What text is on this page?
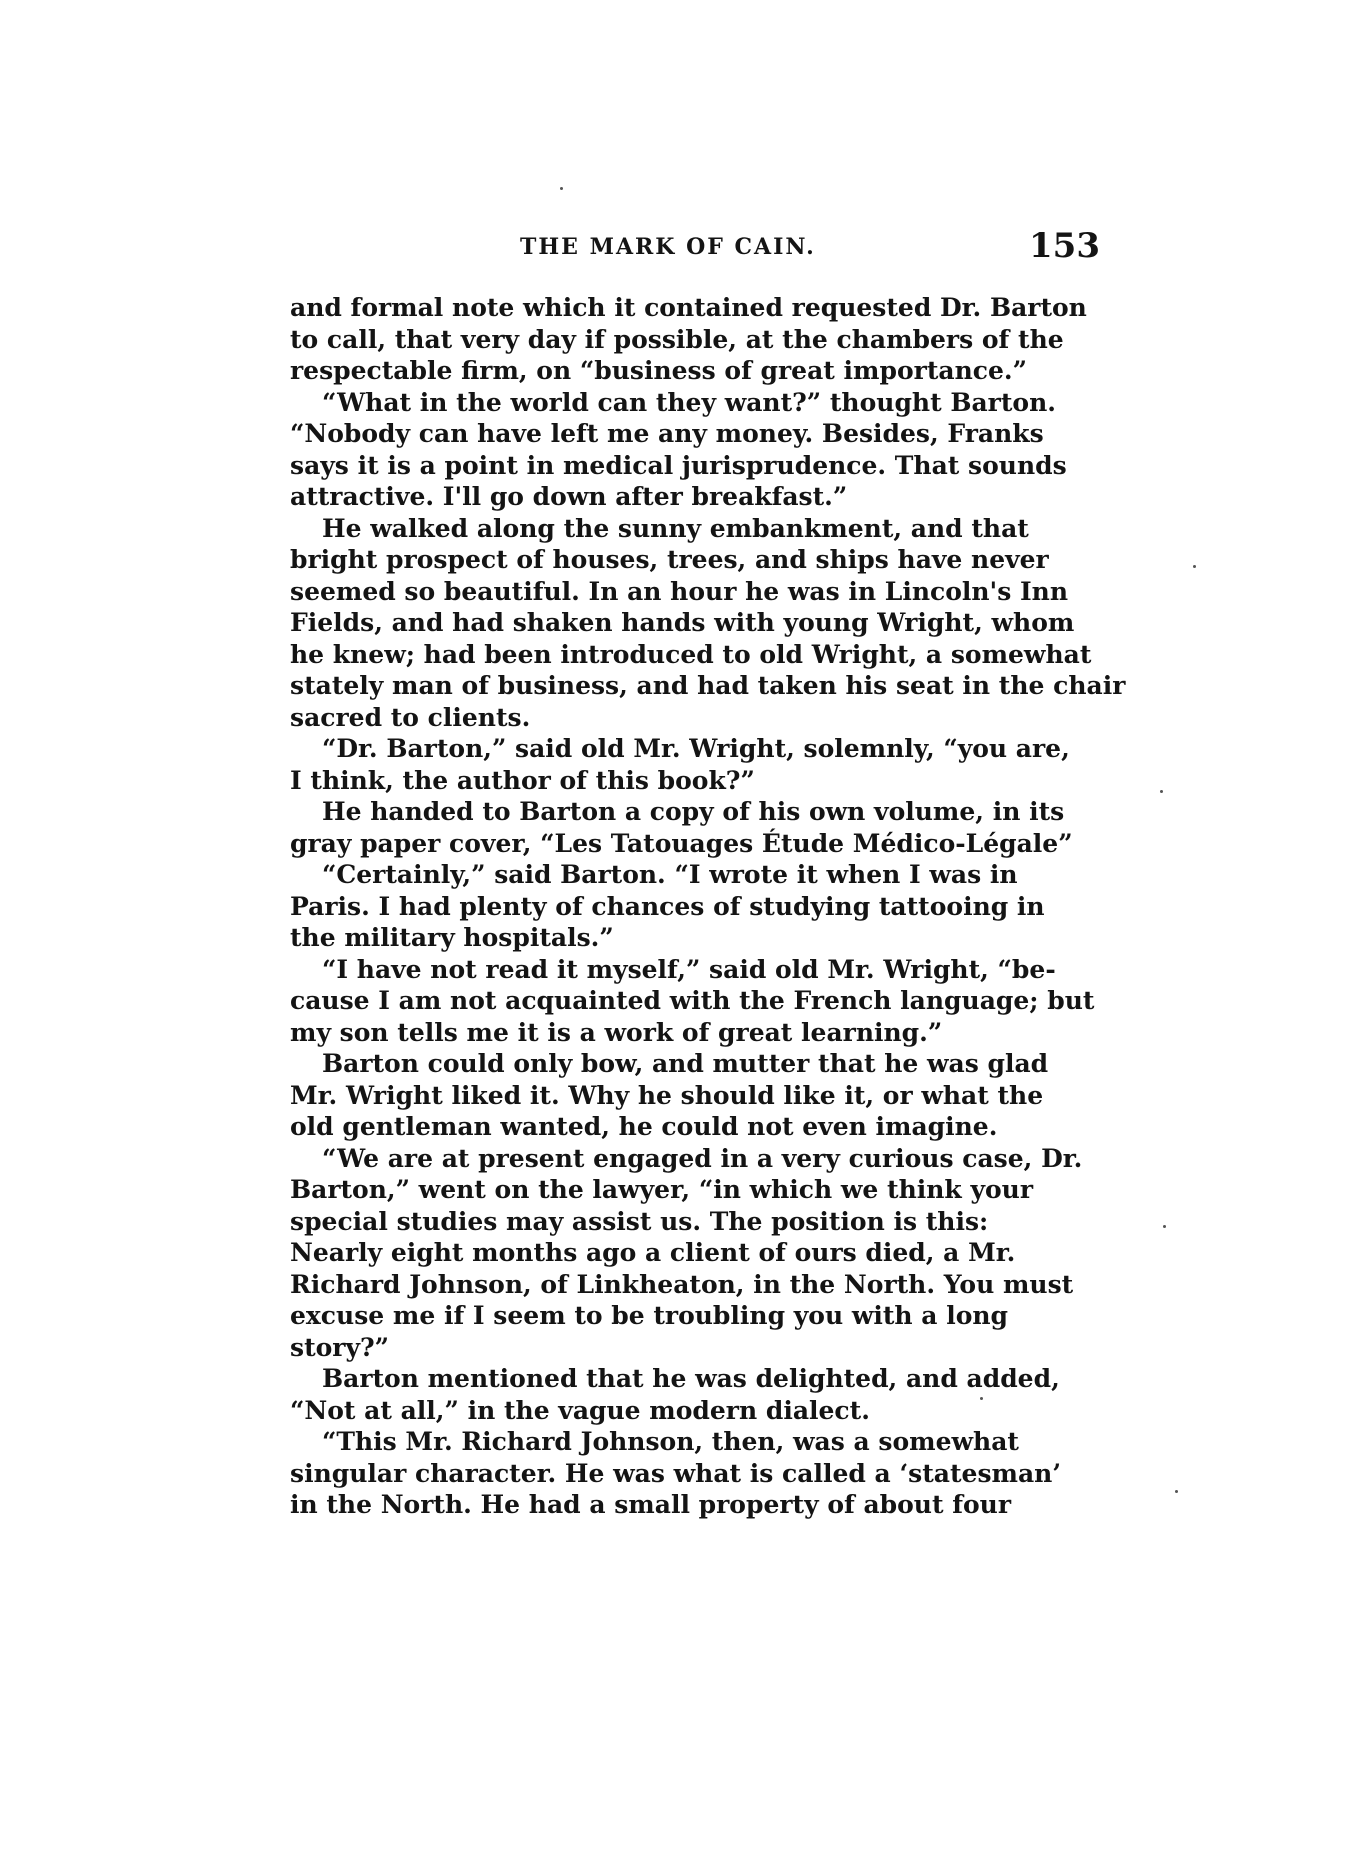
THE MARK OF CAIN.	153
and formal note which it contained requested Dr. Barton
to call, that very day if possible, at the chambers of the
respectable firm, on “business of great importance.”
“What in the world can they want?” thought Barton.
“Nobody can have left me any money. Besides, Franks
says it is a point in medical jurisprudence. That sounds
attractive. I'll go down after breakfast.”
He walked along the sunny embankment, and that
bright prospect of houses, trees, and ships have never
seemed so beautiful. In an hour he was in Lincoln's Inn
Fields, and had shaken hands with young Wright, whom
he knew; had been introduced to old Wright, a somewhat
stately man of business, and had taken his seat in the chair
sacred to clients.
“Dr. Barton,” said old Mr. Wright, solemnly, “you are,
I think, the author of this book?”
He handed to Barton a copy of his own volume, in its
gray paper cover, “Les Tatouages Étude Médico-Légale”
“Certainly,” said Barton. “I wrote it when I was in
Paris. I had plenty of chances of studying tattooing in
the military hospitals.”
“I have not read it myself,” said old Mr. Wright, “be-
cause I am not acquainted with the French language; but
my son tells me it is a work of great learning.”
Barton could only bow, and mutter that he was glad
Mr. Wright liked it. Why he should like it, or what the
old gentleman wanted, he could not even imagine.
“We are at present engaged in a very curious case, Dr.
Barton,” went on the lawyer, “in which we think your
special studies may assist us. The position is this:
Nearly eight months ago a client of ours died, a Mr.
Richard Johnson, of Linkheaton, in the North. You must
excuse me if I seem to be troubling you with a long
story?”
Barton mentioned that he was delighted, and added,
“Not at all,” in the vague modern dialect.
“This Mr. Richard Johnson, then, was a somewhat
singular character. He was what is called a ‘statesman’
in the North. He had a small property of about four
